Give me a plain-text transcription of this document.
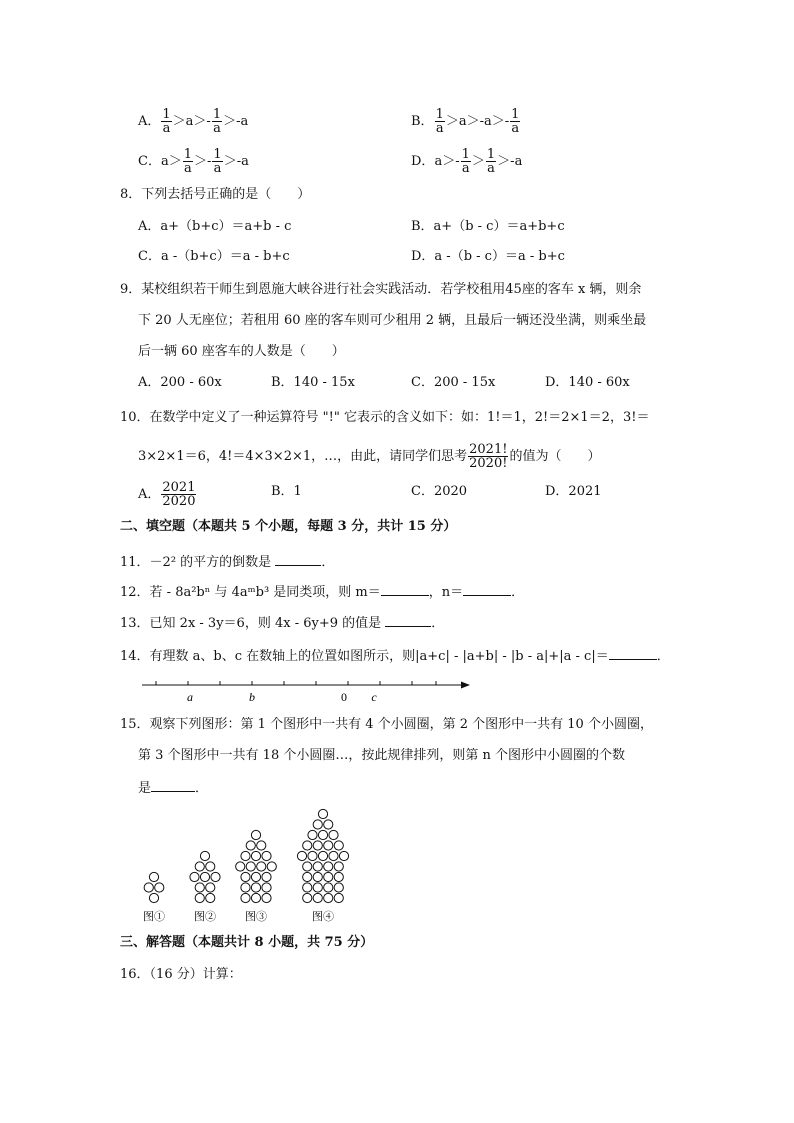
A． $\frac{1}{a} >a>- \frac{1}{a} >-a$	B． $\frac{1}{a} >a>-a>- \frac{1}{a}$
C．$a> \frac{1}{a} >- \frac{1}{a} >-a$	D．$a>- \frac{1}{a} > \frac{1}{a} >-a$
8．下列去括号正确的是（　　）
A．a+（b+c）＝a+b - c	B．a+（b - c）＝a+b+c
C．a -（b+c）＝a - b+c	D．a -（b - c）＝a - b+c
9．某校组织若干师生到恩施大峡谷进行社会实践活动．若学校租用45座的客车 x 辆，则余
下 20 人无座位；若租用 60 座的客车则可少租用 2 辆，且最后一辆还没坐满，则乘坐最
后一辆 60 座客车的人数是（　　）
A．200 - 60x	B．140 - 15x	C．200 - 15x	D．140 - 60x
10．在数学中定义了一种运算符号 "!" 它表示的含义如下：如：1!＝1，2!＝2×1＝2，3!＝
3×2×1＝6，4!＝4×3×2×1，…，由此，请同学们思考 $\frac{2021!}{2020!}$ 的值为（　　）
A． $\frac{2021}{2020}$	B．1	C．2020	D．2021
二、填空题（本题共 5 个小题，每题 3 分，共计 15 分）
11．－2² 的平方的倒数是	．
12．若 - 8a²bⁿ 与 4aᵐb³ 是同类项，则 m＝	，n＝	．
13．已知 2x - 3y＝6，则 4x - 6y+9 的值是	．
14．有理数 a、b、c 在数轴上的位置如图所示，则|a+c| - |a+b| - |b - a|+|a - c|＝	．
a	b	0 c
15．观察下列图形：第 1 个图形中一共有 4 个小圆圈，第 2 个图形中一共有 10 个小圆圈，
第 3 个图形中一共有 18 个小圆圈…，按此规律排列，则第 n 个图形中小圆圈的个数
是	．
图①	图②	图③	图④
三、解答题（本题共计 8 小题，共 75 分）
16．（16 分）计算：
